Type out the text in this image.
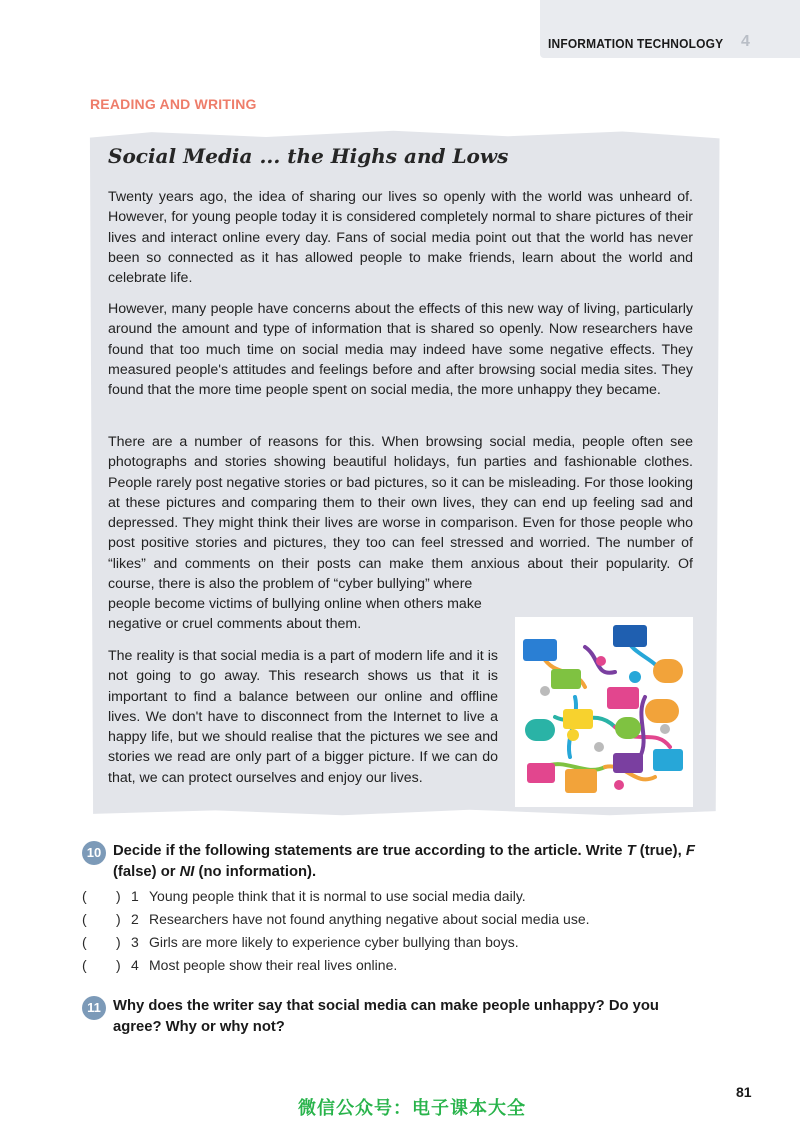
INFORMATION TECHNOLOGY 4
READING AND WRITING
Social Media ... the Highs and Lows

Twenty years ago, the idea of sharing our lives so openly with the world was unheard of. However, for young people today it is considered completely normal to share pictures of their lives and interact online every day. Fans of social media point out that the world has never been so connected as it has allowed people to make friends, learn about the world and celebrate life.

However, many people have concerns about the effects of this new way of living, particularly around the amount and type of information that is shared so openly. Now researchers have found that too much time on social media may indeed have some negative effects. They measured people's attitudes and feelings before and after browsing social media sites. They found that the more time people spent on social media, the more unhappy they became.

There are a number of reasons for this. When browsing social media, people often see photographs and stories showing beautiful holidays, fun parties and fashionable clothes. People rarely post negative stories or bad pictures, so it can be misleading. For those looking at these pictures and comparing them to their own lives, they can end up feeling sad and depressed. They might think their lives are worse in comparison. Even for those people who post positive stories and pictures, they too can feel stressed and worried. The number of “likes” and comments on their posts can make them anxious about their popularity. Of course, there is also the problem of “cyber bullying” where

people become victims of bullying online when others make negative or cruel comments about them.

The reality is that social media is a part of modern life and it is not going to go away. This research shows us that it is important to find a balance between our online and offline lives. We don't have to disconnect from the Internet to live a happy life, but we should realise that the pictures we see and stories we read are only part of a bigger picture. If we can do that, we can protect ourselves and enjoy our lives.

10 Decide if the following statements are true according to the article. Write T (true), F (false) or NI (no information).
( ) 1 Young people think that it is normal to use social media daily.
( ) 2 Researchers have not found anything negative about social media use.
( ) 3 Girls are more likely to experience cyber bullying than boys.
( ) 4 Most people show their real lives online.
11 Why does the writer say that social media can make people unhappy? Do you agree? Why or why not?
81
微信公众号：电子课本大全
